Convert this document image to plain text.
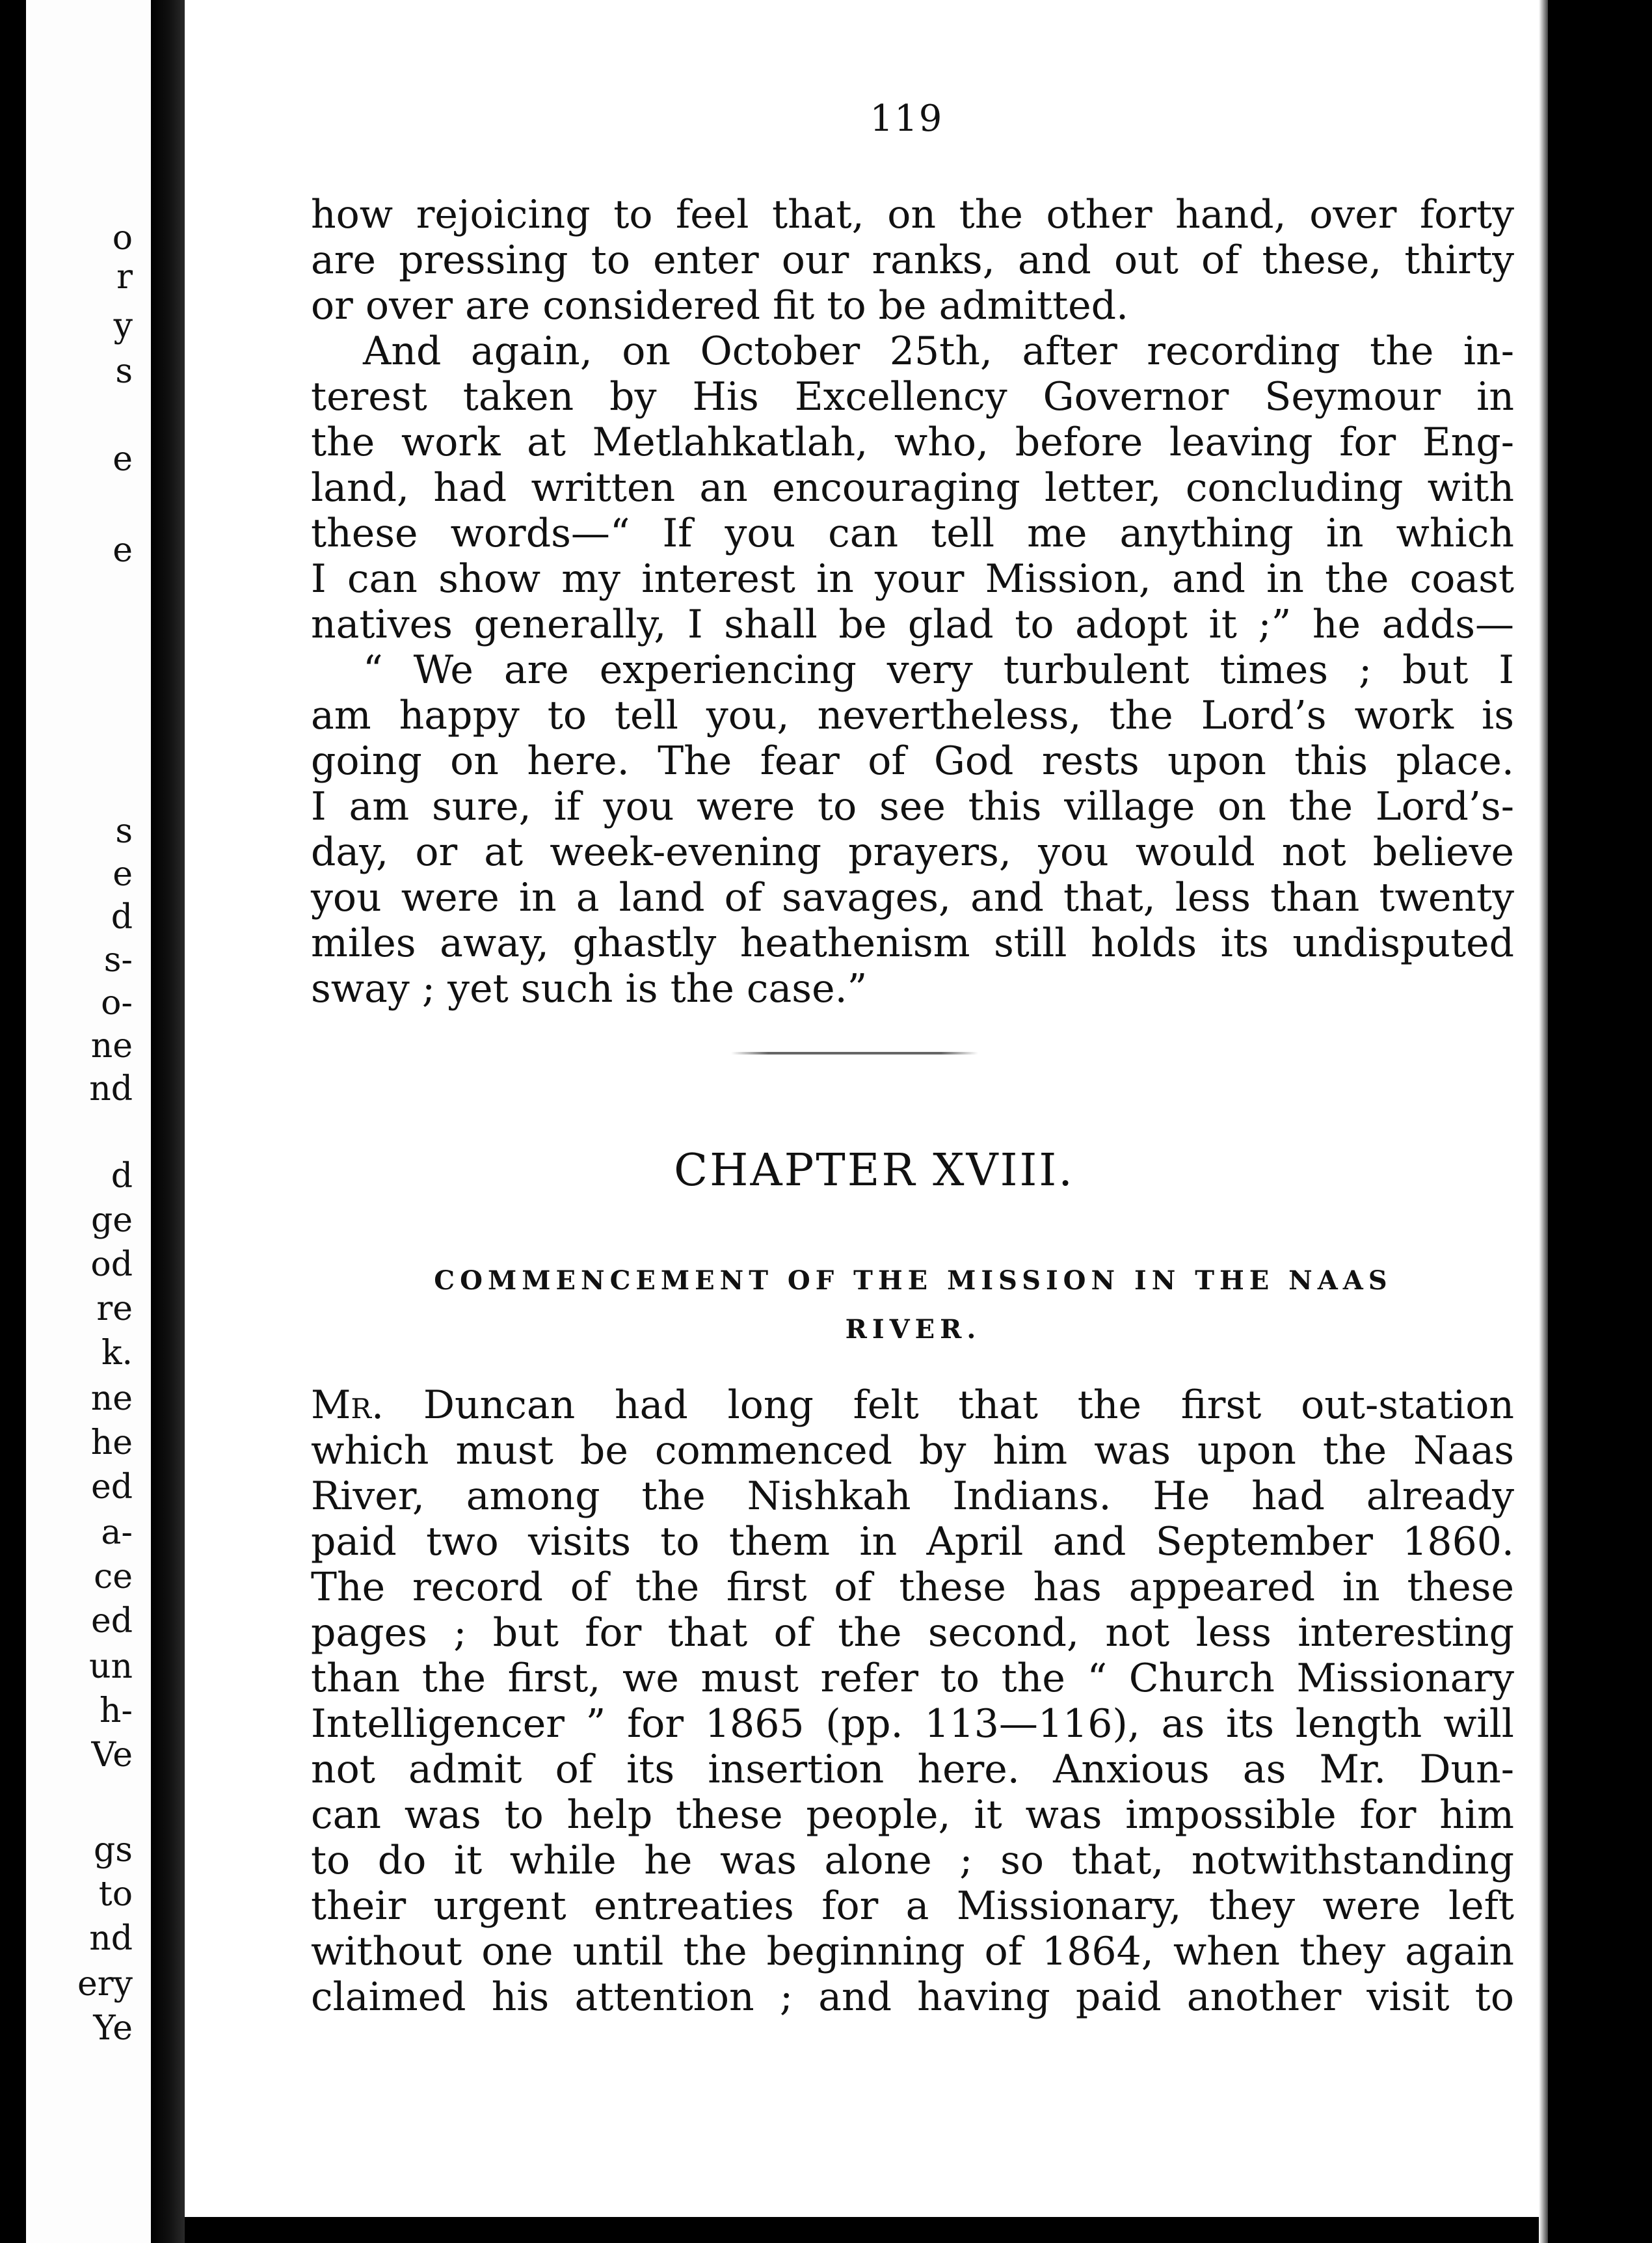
o
r
y
s
e
e
s
e
d
s-
o-
ne
nd
d
ge
od
re
k.
ne
he
ed
a-
ce
ed
un
h-
Ve
gs
to
nd
ery
Ye
119
how rejoicing to feel that, on the other hand, over forty
are pressing to enter our ranks, and out of these, thirty
or over are considered fit to be admitted.
And again, on October 25th, after recording the in-
terest taken by His Excellency Governor Seymour in
the work at Metlahkatlah, who, before leaving for Eng-
land, had written an encouraging letter, concluding with
these words—“ If you can tell me anything in which
I can show my interest in your Mission, and in the coast
natives generally, I shall be glad to adopt it ;” he adds—
“ We are experiencing very turbulent times ; but I
am happy to tell you, nevertheless, the Lord’s work is
going on here. The fear of God rests upon this place.
I am sure, if you were to see this village on the Lord’s-
day, or at week-evening prayers, you would not believe
you were in a land of savages, and that, less than twenty
miles away, ghastly heathenism still holds its undisputed
sway ; yet such is the case.”
CHAPTER XVIII.
COMMENCEMENT OF THE MISSION IN THE NAAS
RIVER.
Mr. Duncan had long felt that the first out-station
which must be commenced by him was upon the Naas
River, among the Nishkah Indians. He had already
paid two visits to them in April and September 1860.
The record of the first of these has appeared in these
pages ; but for that of the second, not less interesting
than the first, we must refer to the “ Church Missionary
Intelligencer ” for 1865 (pp. 113—116), as its length will
not admit of its insertion here. Anxious as Mr. Dun-
can was to help these people, it was impossible for him
to do it while he was alone ; so that, notwithstanding
their urgent entreaties for a Missionary, they were left
without one until the beginning of 1864, when they again
claimed his attention ; and having paid another visit to
